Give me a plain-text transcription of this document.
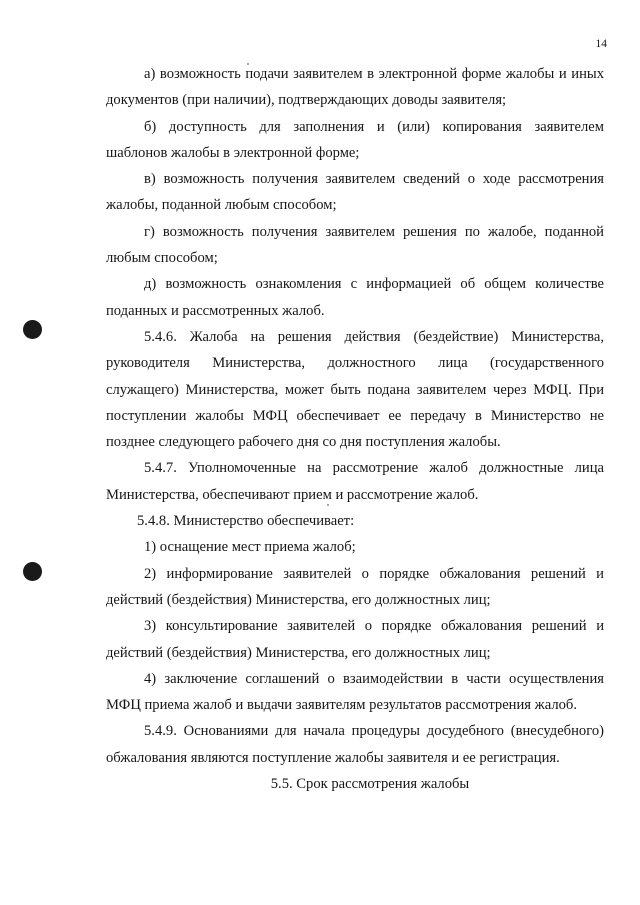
14

а) возможность подачи заявителем в электронной форме жалобы и иных документов (при наличии), подтверждающих доводы заявителя;

б) доступность для заполнения и (или) копирования заявителем шаблонов жалобы в электронной форме;

в) возможность получения заявителем сведений о ходе рассмотрения жалобы, поданной любым способом;

г) возможность получения заявителем решения по жалобе, поданной любым способом;

д) возможность ознакомления с информацией об общем количестве поданных и рассмотренных жалоб.

5.4.6. Жалоба на решения действия (бездействие) Министерства, руководителя Министерства, должностного лица (государственного служащего) Министерства, может быть подана заявителем через МФЦ. При поступлении жалобы МФЦ обеспечивает ее передачу в Министерство не позднее следующего рабочего дня со дня поступления жалобы.

5.4.7. Уполномоченные на рассмотрение жалоб должностные лица Министерства, обеспечивают прием и рассмотрение жалоб.

5.4.8. Министерство обеспечивает:

1) оснащение мест приема жалоб;

2) информирование заявителей о порядке обжалования решений и действий (бездействия) Министерства, его должностных лиц;

3) консультирование заявителей о порядке обжалования решений и действий (бездействия) Министерства, его должностных лиц;

4) заключение соглашений о взаимодействии в части осуществления МФЦ приема жалоб и выдачи заявителям результатов рассмотрения жалоб.

5.4.9. Основаниями для начала процедуры досудебного (внесудебного) обжалования являются поступление жалобы заявителя и ее регистрация.

5.5. Срок рассмотрения жалобы
